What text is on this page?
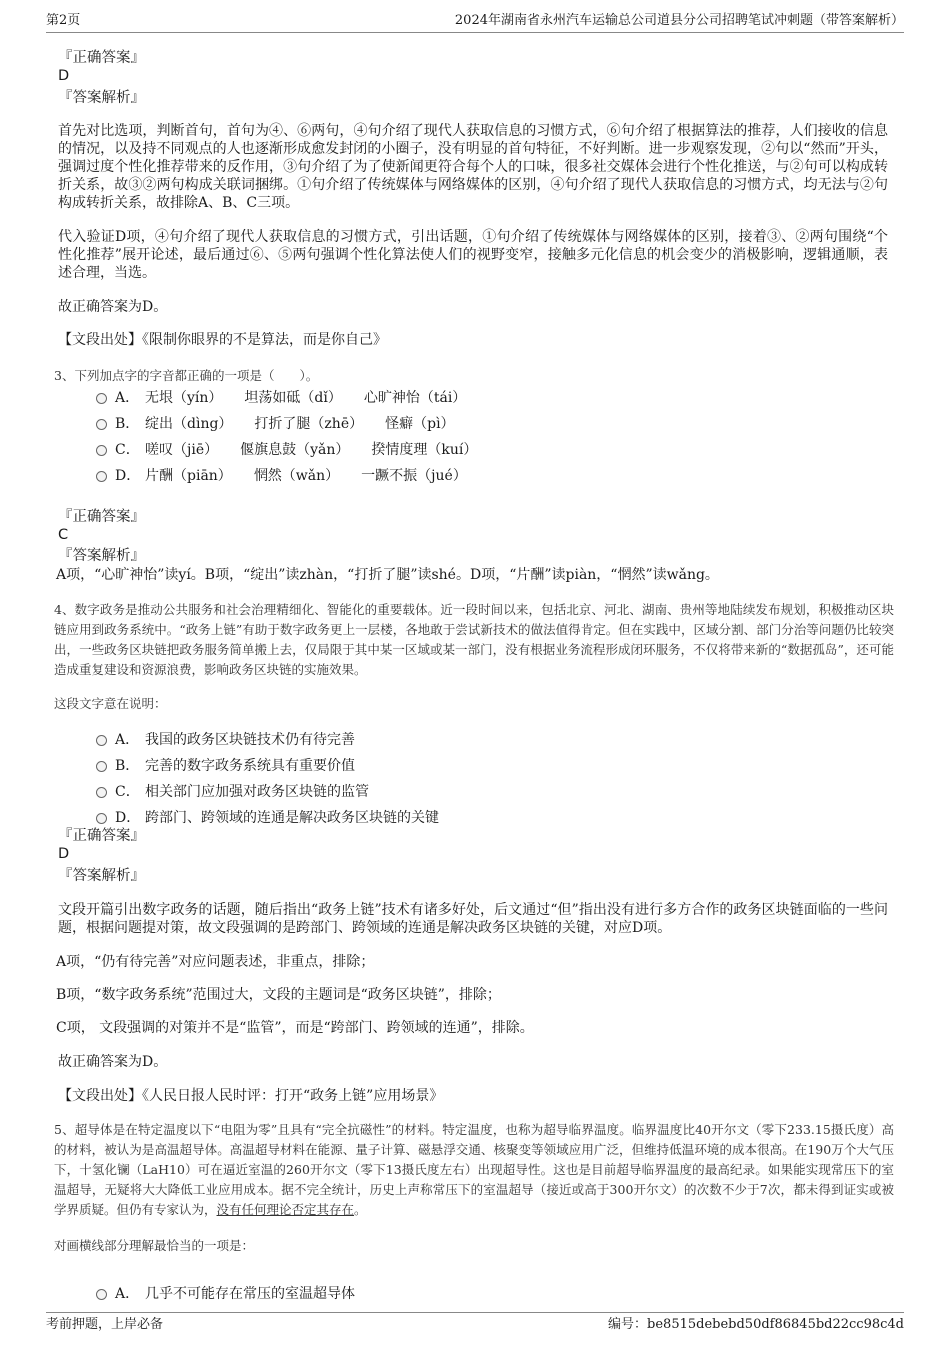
第2页	2024年湖南省永州汽车运输总公司道县分公司招聘笔试冲刺题（带答案解析）
『正确答案』
D
『答案解析』
首先对比选项，判断首句，首句为④、⑥两句，④句介绍了现代人获取信息的习惯方式，⑥句介绍了根据算法的推荐，人们接收的信息的情况，以及持不同观点的人也逐渐形成愈发封闭的小圈子，没有明显的首句特征，不好判断。进一步观察发现，②句以“然而”开头，强调过度个性化推荐带来的反作用，③句介绍了为了使新闻更符合每个人的口味，很多社交媒体会进行个性化推送，与②句可以构成转折关系，故③②两句构成关联词捆绑。①句介绍了传统媒体与网络媒体的区别，④句介绍了现代人获取信息的习惯方式，均无法与②句构成转折关系，故排除A、B、C三项。
代入验证D项，④句介绍了现代人获取信息的习惯方式，引出话题，①句介绍了传统媒体与网络媒体的区别，接着③、②两句围绕“个性化推荐”展开论述，最后通过⑥、⑤两句强调个性化算法使人们的视野变窄，接触多元化信息的机会变少的消极影响，逻辑通顺，表述合理，当选。
故正确答案为D。
【文段出处】《限制你眼界的不是算法，而是你自己》
3、下列加点字的字音都正确的一项是（　　）。
A． 无垠（yín） 坦荡如砥（dǐ） 心旷神怡（tái）
B． 绽出（dìng） 打折了腿（zhē） 怪癖（pì）
C． 嗟叹（jiē） 偃旗息鼓（yǎn） 揆情度理（kuí）
D． 片酬（piān） 惘然（wǎn） 一蹶不振（jué）
『正确答案』
C
『答案解析』
A项，“心旷神怡”读yí。B项，“绽出”读zhàn，“打折了腿”读shé。D项，“片酬”读piàn，“惘然”读wǎng。
4、数字政务是推动公共服务和社会治理精细化、智能化的重要载体。近一段时间以来，包括北京、河北、湖南、贵州等地陆续发布规划，积极推动区块链应用到政务系统中。“政务上链”有助于数字政务更上一层楼，各地敢于尝试新技术的做法值得肯定。但在实践中，区域分割、部门分治等问题仍比较突出，一些政务区块链把政务服务简单搬上去，仅局限于其中某一区域或某一部门，没有根据业务流程形成闭环服务，不仅将带来新的“数据孤岛”，还可能造成重复建设和资源浪费，影响政务区块链的实施效果。
这段文字意在说明：
A． 我国的政务区块链技术仍有待完善
B． 完善的数字政务系统具有重要价值
C． 相关部门应加强对政务区块链的监管
D． 跨部门、跨领域的连通是解决政务区块链的关键
『正确答案』
D
『答案解析』
文段开篇引出数字政务的话题，随后指出“政务上链”技术有诸多好处，后文通过“但”指出没有进行多方合作的政务区块链面临的一些问题，根据问题提对策，故文段强调的是跨部门、跨领域的连通是解决政务区块链的关键，对应D项。
A项，“仍有待完善”对应问题表述，非重点，排除；
B项，“数字政务系统”范围过大，文段的主题词是“政务区块链”，排除；
C项， 文段强调的对策并不是“监管”，而是“跨部门、跨领域的连通”，排除。
故正确答案为D。
【文段出处】《人民日报人民时评：打开“政务上链”应用场景》
5、超导体是在特定温度以下“电阻为零”且具有“完全抗磁性”的材料。特定温度，也称为超导临界温度。临界温度比40开尔文（零下233.15摄氏度）高的材料，被认为是高温超导体。高温超导材料在能源、量子计算、磁悬浮交通、核聚变等领域应用广泛，但维持低温环境的成本很高。在190万个大气压下，十氢化镧（LaH10）可在逼近室温的260开尔文（零下13摄氏度左右）出现超导性。这也是目前超导临界温度的最高纪录。如果能实现常压下的室温超导，无疑将大大降低工业应用成本。据不完全统计，历史上声称常压下的室温超导（接近或高于300开尔文）的次数不少于7次，都未得到证实或被学界质疑。但仍有专家认为，没有任何理论否定其存在。
对画横线部分理解最恰当的一项是：
A． 几乎不可能存在常压的室温超导体
考前押题，上岸必备	编号：be8515debebd50df86845bd22cc98c4d
